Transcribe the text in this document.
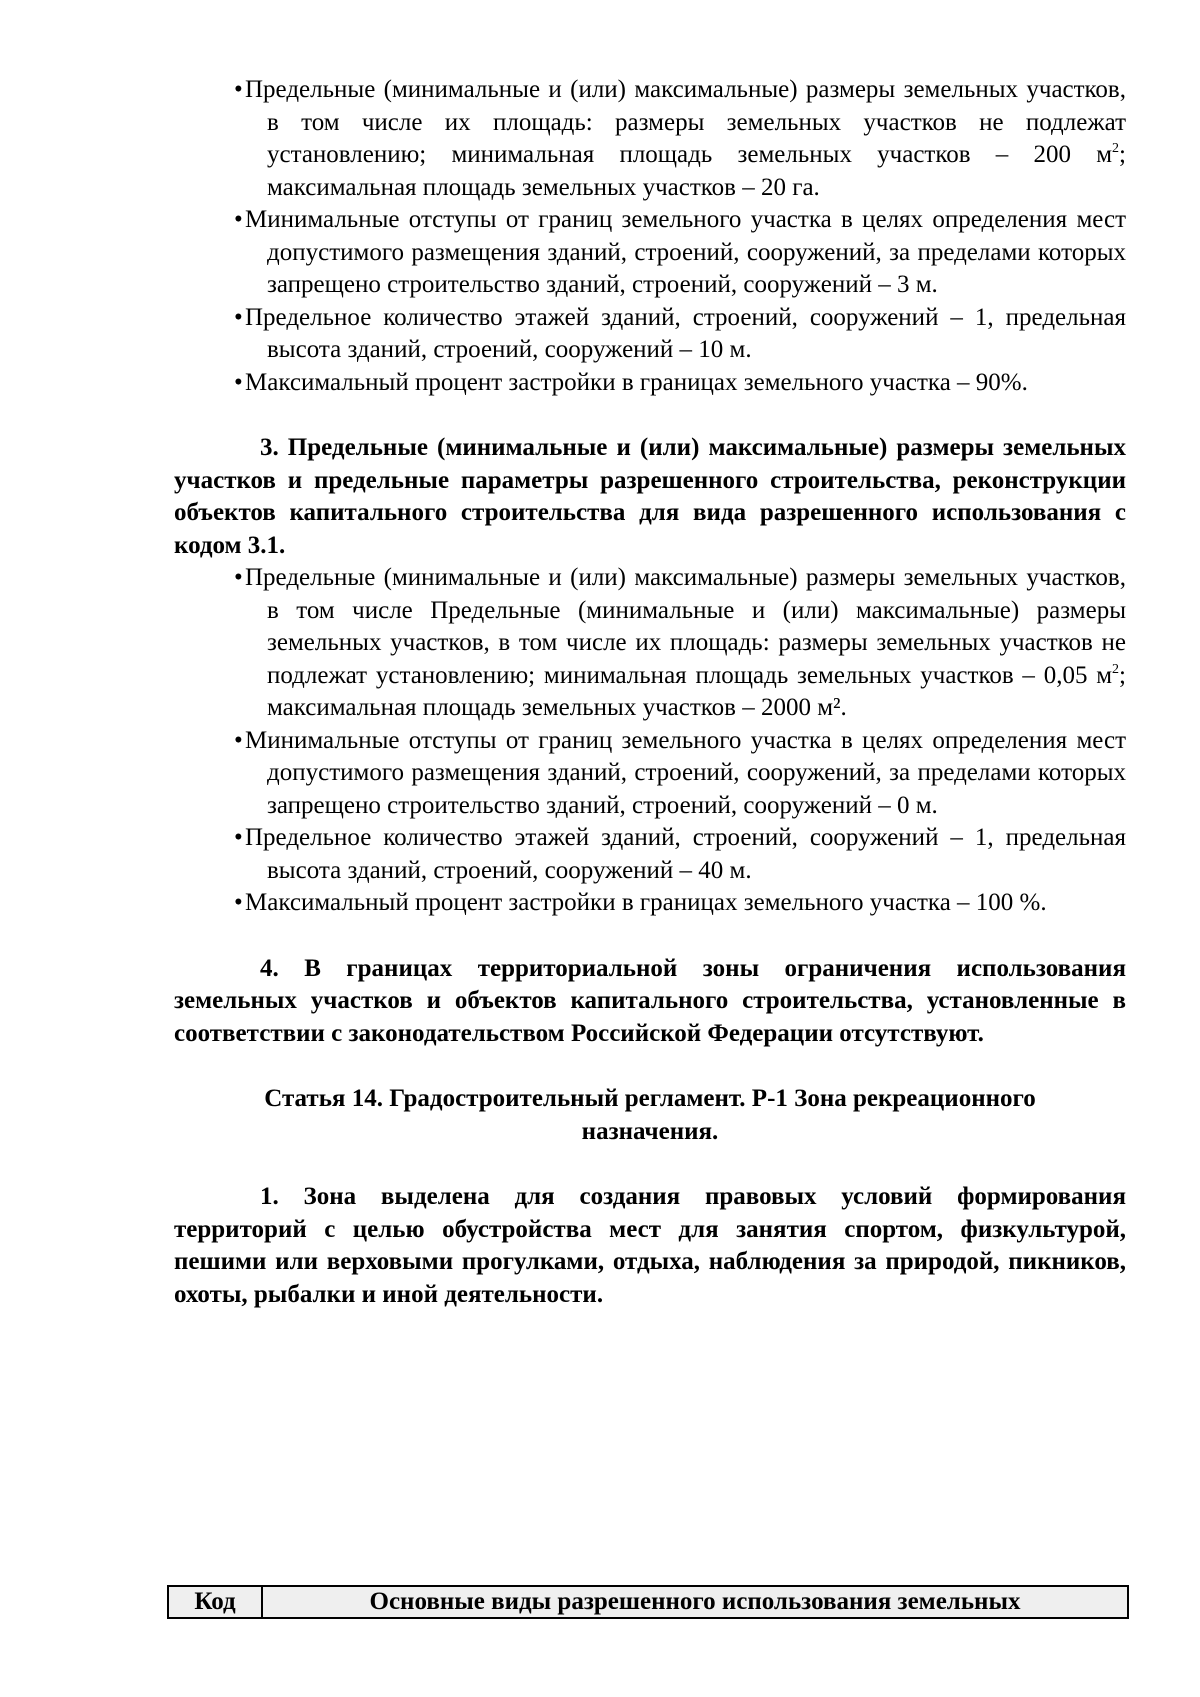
•Предельные (минимальные и (или) максимальные) размеры земельных участков, в том числе их площадь: размеры земельных участков не подлежат установлению; минимальная площадь земельных участков – 200 $м^2$; максимальная площадь земельных участков – 20 га.
•Минимальные отступы от границ земельного участка в целях определения мест допустимого размещения зданий, строений, сооружений, за пределами которых запрещено строительство зданий, строений, сооружений – 3 м.
•Предельное количество этажей зданий, строений, сооружений – 1, предельная высота зданий, строений, сооружений – 10 м.
•Максимальный процент застройки в границах земельного участка – 90%.

3. Предельные (минимальные и (или) максимальные) размеры земельных участков и предельные параметры разрешенного строительства, реконструкции объектов капитального строительства для вида разрешенного использования с кодом 3.1.

•Предельные (минимальные и (или) максимальные) размеры земельных участков, в том числе Предельные (минимальные и (или) максимальные) размеры земельных участков, в том числе их площадь: размеры земельных участков не подлежат установлению; минимальная площадь земельных участков – 0,05 $м^2$; максимальная площадь земельных участков – 2000 м².
•Минимальные отступы от границ земельного участка в целях определения мест допустимого размещения зданий, строений, сооружений, за пределами которых запрещено строительство зданий, строений, сооружений – 0 м.
•Предельное количество этажей зданий, строений, сооружений – 1, предельная высота зданий, строений, сооружений – 40 м.
•Максимальный процент застройки в границах земельного участка – 100 %.

4. В границах территориальной зоны ограничения использования земельных участков и объектов капитального строительства, установленные в соответствии с законодательством Российской Федерации отсутствуют.

Статья 14. Градостроительный регламент. Р-1 Зона рекреационного
назначения.

1. Зона выделена для создания правовых условий формирования территорий с целью обустройства мест для занятия спортом, физкультурой, пешими или верховыми прогулками, отдыха, наблюдения за природой, пикников, охоты, рыбалки и иной деятельности.

Код	Основные виды разрешенного использования земельных
